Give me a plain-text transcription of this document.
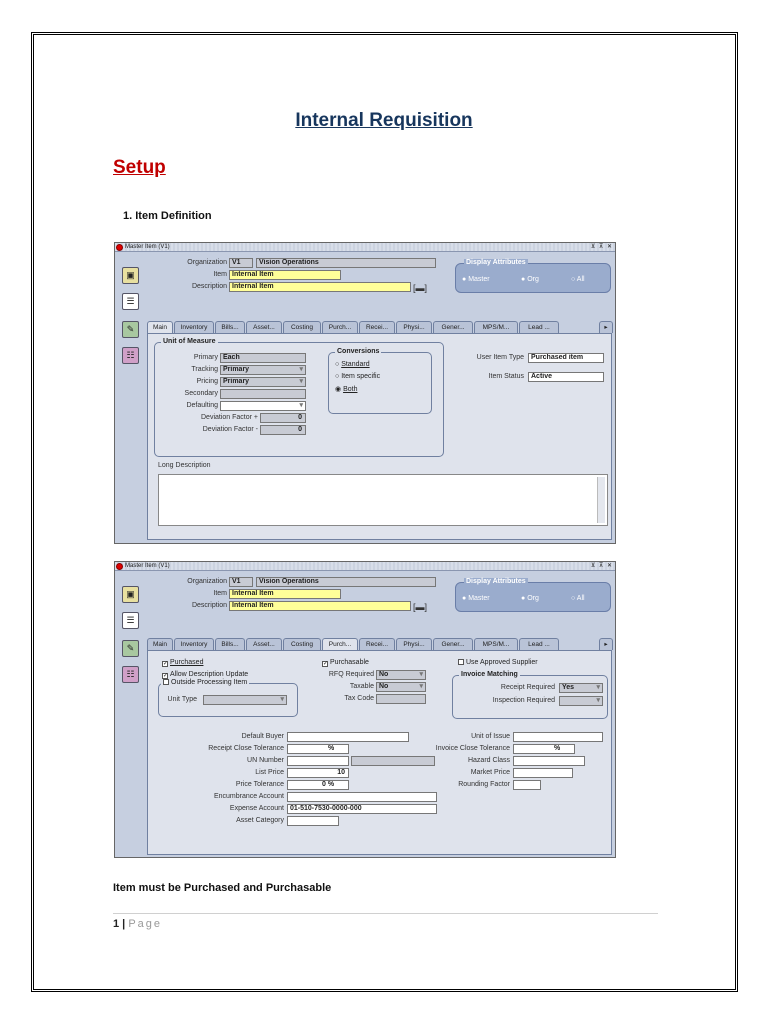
Internal Requisition
Setup
1. Item Definition
Master Item (V1)	⊻ ⊼ ✕
▣
☰
✎
☷
Organization V1	Vision Operations
Item Internal Item
Description Internal Item	[▬]
Display Attributes
● Master	● Org	○ All
Main	Inventory	Bills...	Asset...	Costing	Purch...	Recei...	Physi...	Gener...	MPS/M...	Lead ...	▸
Unit of Measure
Primary Each
Tracking Primary ▾
Pricing Primary ▾
Secondary
Defaulting
▾
Deviation Factor +	0
Deviation Factor -	0
Conversions
○ Standard
○ Item specific
◉ Both
User Item Type	Purchased item
Item Status	Active
Long Description
Master Item (V1)	⊻ ⊼ ✕
▣
☰
✎
☷
Organization V1	Vision Operations
Item Internal Item
Description Internal Item	[▬]
Display Attributes
● Master	● Org	○ All
Main	Inventory	Bills...	Asset...	Costing	Purch...	Recei...	Physi...	Gener...	MPS/M...	Lead ...	▸
✓ Purchased	✓ Purchasable	Use Approved Supplier
✓ Allow Description Update	RFQ Required No ▾
Outside Processing Item
Unit Type
▾
Taxable No ▾
Tax Code
Invoice Matching
Receipt Required	Yes ▾
Inspection Required
▾
Default Buyer
Receipt Close Tolerance	%
UN Number
List Price	10
Price Tolerance	0 %
Encumbrance Account
Expense Account 01-510-7530-0000-000
Asset Category
Unit of Issue
Invoice Close Tolerance	%
Hazard Class
Market Price
Rounding Factor
Item must be Purchased and Purchasable
1 | Page
